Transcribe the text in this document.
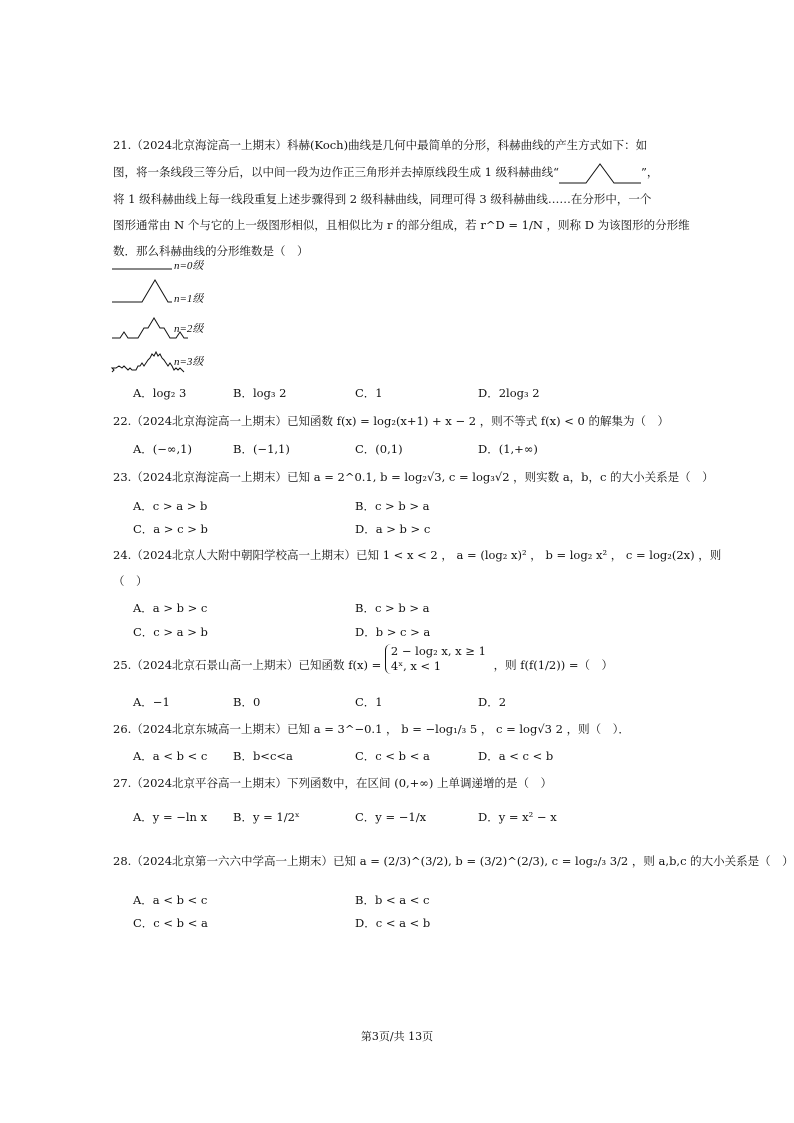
21.（2024北京海淀高一上期末）科赫(Koch)曲线是几何中最简单的分形，科赫曲线的产生方式如下：如
图，将一条线段三等分后，以中间一段为边作正三角形并去掉原线段生成 1 级科赫曲线“	”，
将 1 级科赫曲线上每一线段重复上述步骤得到 2 级科赫曲线，同理可得 3 级科赫曲线……在分形中，一个
图形通常由 N 个与它的上一级图形相似，且相似比为 r 的部分组成，若 r^D = 1/N ，则称 D 为该图形的分形维
数．那么科赫曲线的分形维数是（　）
n=0级
n=1级
n=2级
n=3级
A．log₂ 3	B．log₃ 2	C．1	D．2log₃ 2
22.（2024北京海淀高一上期末）已知函数 f(x) = log₂(x+1) + x − 2 ，则不等式 f(x) < 0 的解集为（　）
A．(−∞,1)	B．(−1,1)	C．(0,1)	D．(1,+∞)
23.（2024北京海淀高一上期末）已知 a = 2^0.1, b = log₂√3, c = log₃√2 ，则实数 a，b，c 的大小关系是（　）
A．c > a > b	B．c > b > a
C．a > c > b	D．a > b > c
24.（2024北京人大附中朝阳学校高一上期末）已知 1 < x < 2 ， a = (log₂ x)² ， b = log₂ x² ， c = log₂(2x) ，则
（　）
A．a > b > c	B．c > b > a
C．c > a > b	D．b > c > a
25.（2024北京石景山高一上期末）已知函数 f(x) =
2 − log₂ x, x ≥ 1
4ˣ, x < 1	，则 f(f(1/2)) =（　）
A．−1	B．0	C．1	D．2
26.（2024北京东城高一上期末）已知 a = 3^−0.1 ， b = −log₁/₃ 5 ， c = log√3 2 ，则（　）．
A．a < b < c B．b<c<a	C．c < b < a	D．a < c < b
27.（2024北京平谷高一上期末）下列函数中，在区间 (0,+∞) 上单调递增的是（　）
A．y = −ln x B．y = 1/2ˣ	C．y = −1/x	D．y = x² − x
28.（2024北京第一六六中学高一上期末）已知 a = (2/3)^(3/2), b = (3/2)^(2/3), c = log₂/₃ 3/2 ，则 a,b,c 的大小关系是（　）
A．a < b < c	B．b < a < c
C．c < b < a	D．c < a < b
第3页/共 13页
